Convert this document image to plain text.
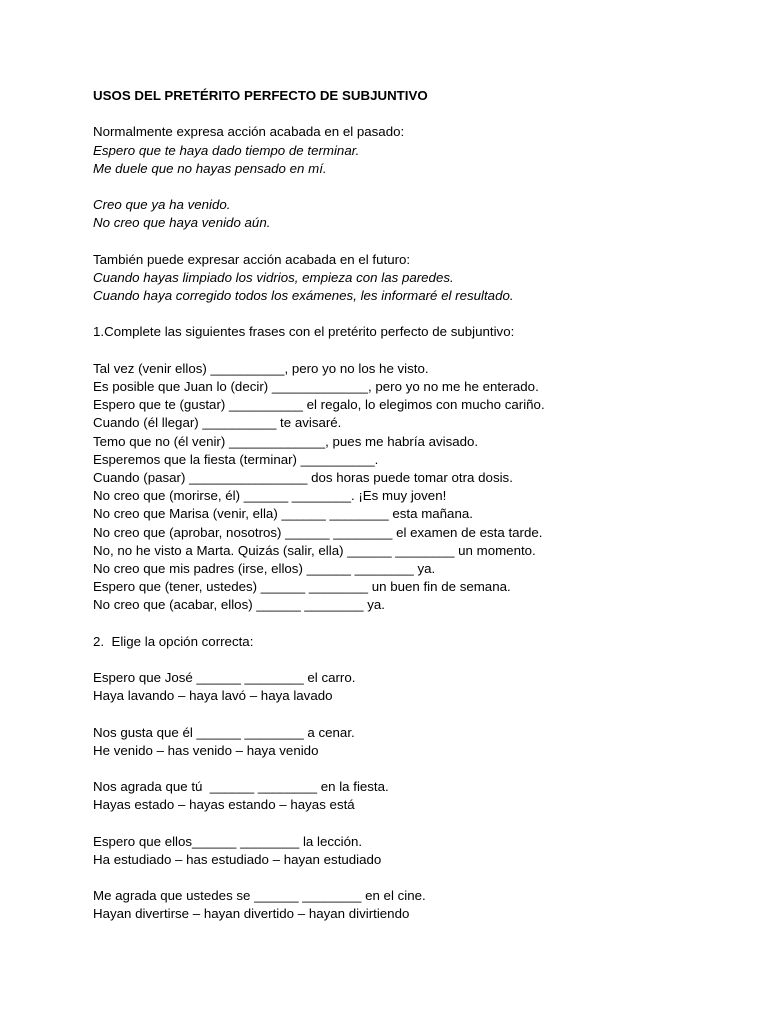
USOS DEL PRETÉRITO PERFECTO DE SUBJUNTIVO
Normalmente expresa acción acabada en el pasado:
Espero que te haya dado tiempo de terminar.
Me duele que no hayas pensado en mí.
Creo que ya ha venido.
No creo que haya venido aún.
También puede expresar acción acabada en el futuro:
Cuando hayas limpiado los vidrios, empieza con las paredes.
Cuando haya corregido todos los exámenes, les informaré el resultado.
1.Complete las siguientes frases con el pretérito perfecto de subjuntivo:
Tal vez (venir ellos) __________, pero yo no los he visto.
Es posible que Juan lo (decir) _____________, pero yo no me he enterado.
Espero que te (gustar) __________ el regalo, lo elegimos con mucho cariño.
Cuando (él llegar) __________ te avisaré.
Temo que no (él venir) _____________, pues me habría avisado.
Esperemos que la fiesta (terminar) __________.
Cuando (pasar) ________________ dos horas puede tomar otra dosis.
No creo que (morirse, él) ______ ________. ¡Es muy joven!
No creo que Marisa (venir, ella) ______ ________ esta mañana.
No creo que (aprobar, nosotros) ______ ________ el examen de esta tarde.
No, no he visto a Marta. Quizás (salir, ella) ______ ________ un momento.
No creo que mis padres (irse, ellos) ______ ________ ya.
Espero que (tener, ustedes) ______ ________ un buen fin de semana.
No creo que (acabar, ellos) ______ ________ ya.
2.  Elige la opción correcta:
Espero que José ______ ________ el carro.
Haya lavando – haya lavó – haya lavado
Nos gusta que él ______ ________ a cenar.
He venido – has venido – haya venido
Nos agrada que tú  ______ ________ en la fiesta.
Hayas estado – hayas estando – hayas está
Espero que ellos______ ________ la lección.
Ha estudiado – has estudiado – hayan estudiado
Me agrada que ustedes se ______ ________ en el cine.
Hayan divertirse – hayan divertido – hayan divirtiendo
